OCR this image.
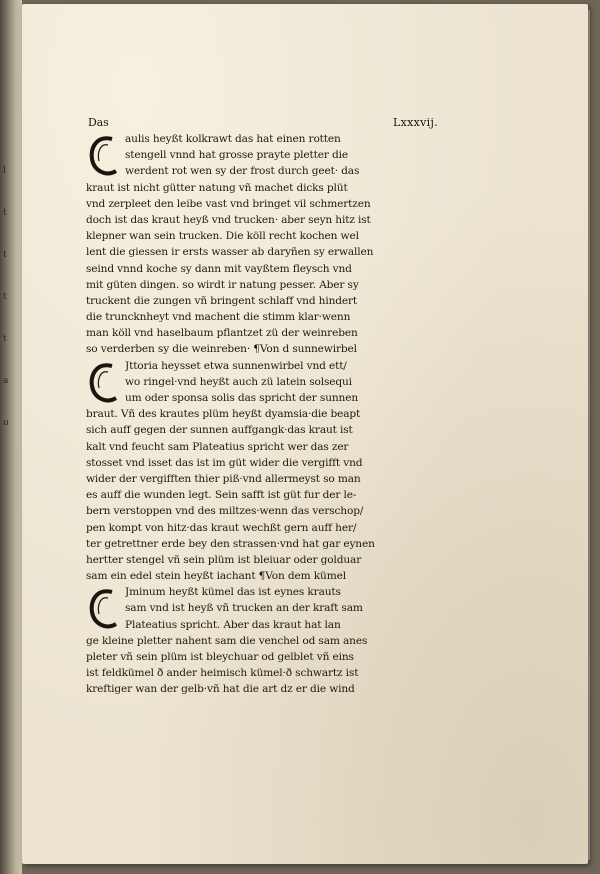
l
t
t
t
t
a
u
Das	Lxxxvij.
aulis heyßt kolkrawt das hat einen rotten
stengell vnnd hat grosse prayte pletter die
werdent rot wen sy der frost durch geet· das
kraut ist nicht gütter natung vñ machet dicks plüt
vnd zerpleet den leibe vast vnd bringet vil schmertzen
doch ist das kraut heyß vnd trucken· aber seyn hitz ist
klepner wan sein trucken. Die köll recht kochen wel
lent die giessen ir ersts wasser ab daryñen sy erwallen
seind vnnd koche sy dann mit vayßtem fleysch vnd
mit güten dingen. so wirdt ir natung pesser. Aber sy
truckent die zungen vñ bringent schlaff vnd hindert
die truncknheyt vnd machent die stimm klar·wenn
man köll vnd haselbaum pflantzet zü der weinreben
so verderben sy die weinreben· ¶Von d sunnewirbel
Jttoria heysset etwa sunnenwirbel vnd ett/
wo ringel·vnd heyßt auch zü latein solsequi
um oder sponsa solis das spricht der sunnen
braut. Vñ des krautes plüm heyßt dyamsia·die beapt
sich auff gegen der sunnen auffgangk·das kraut ist
kalt vnd feucht sam Plateatius spricht wer das zer
stosset vnd isset das ist im güt wider die vergifft vnd
wider der vergifften thier piß·vnd allermeyst so man
es auff die wunden legt. Sein safft ist güt fur der le-
bern verstoppen vnd des miltzes·wenn das verschop/
pen kompt von hitz·das kraut wechßt gern auff her/
ter getrettner erde bey den strassen·vnd hat gar eynen
hertter stengel vñ sein plüm ist bleiuar oder golduar
sam ein edel stein heyßt iachant ¶Von dem kümel
Jminum heyßt kümel das ist eynes krauts
sam vnd ist heyß vñ trucken an der kraft sam
Plateatius spricht. Aber das kraut hat lan
ge kleine pletter nahent sam die venchel od sam anes
pleter vñ sein plüm ist bleychuar od gelblet vñ eins
ist feldkümel ð ander heimisch kümel·ð schwartz ist
kreftiger wan der gelb·vñ hat die art dz er die wind
